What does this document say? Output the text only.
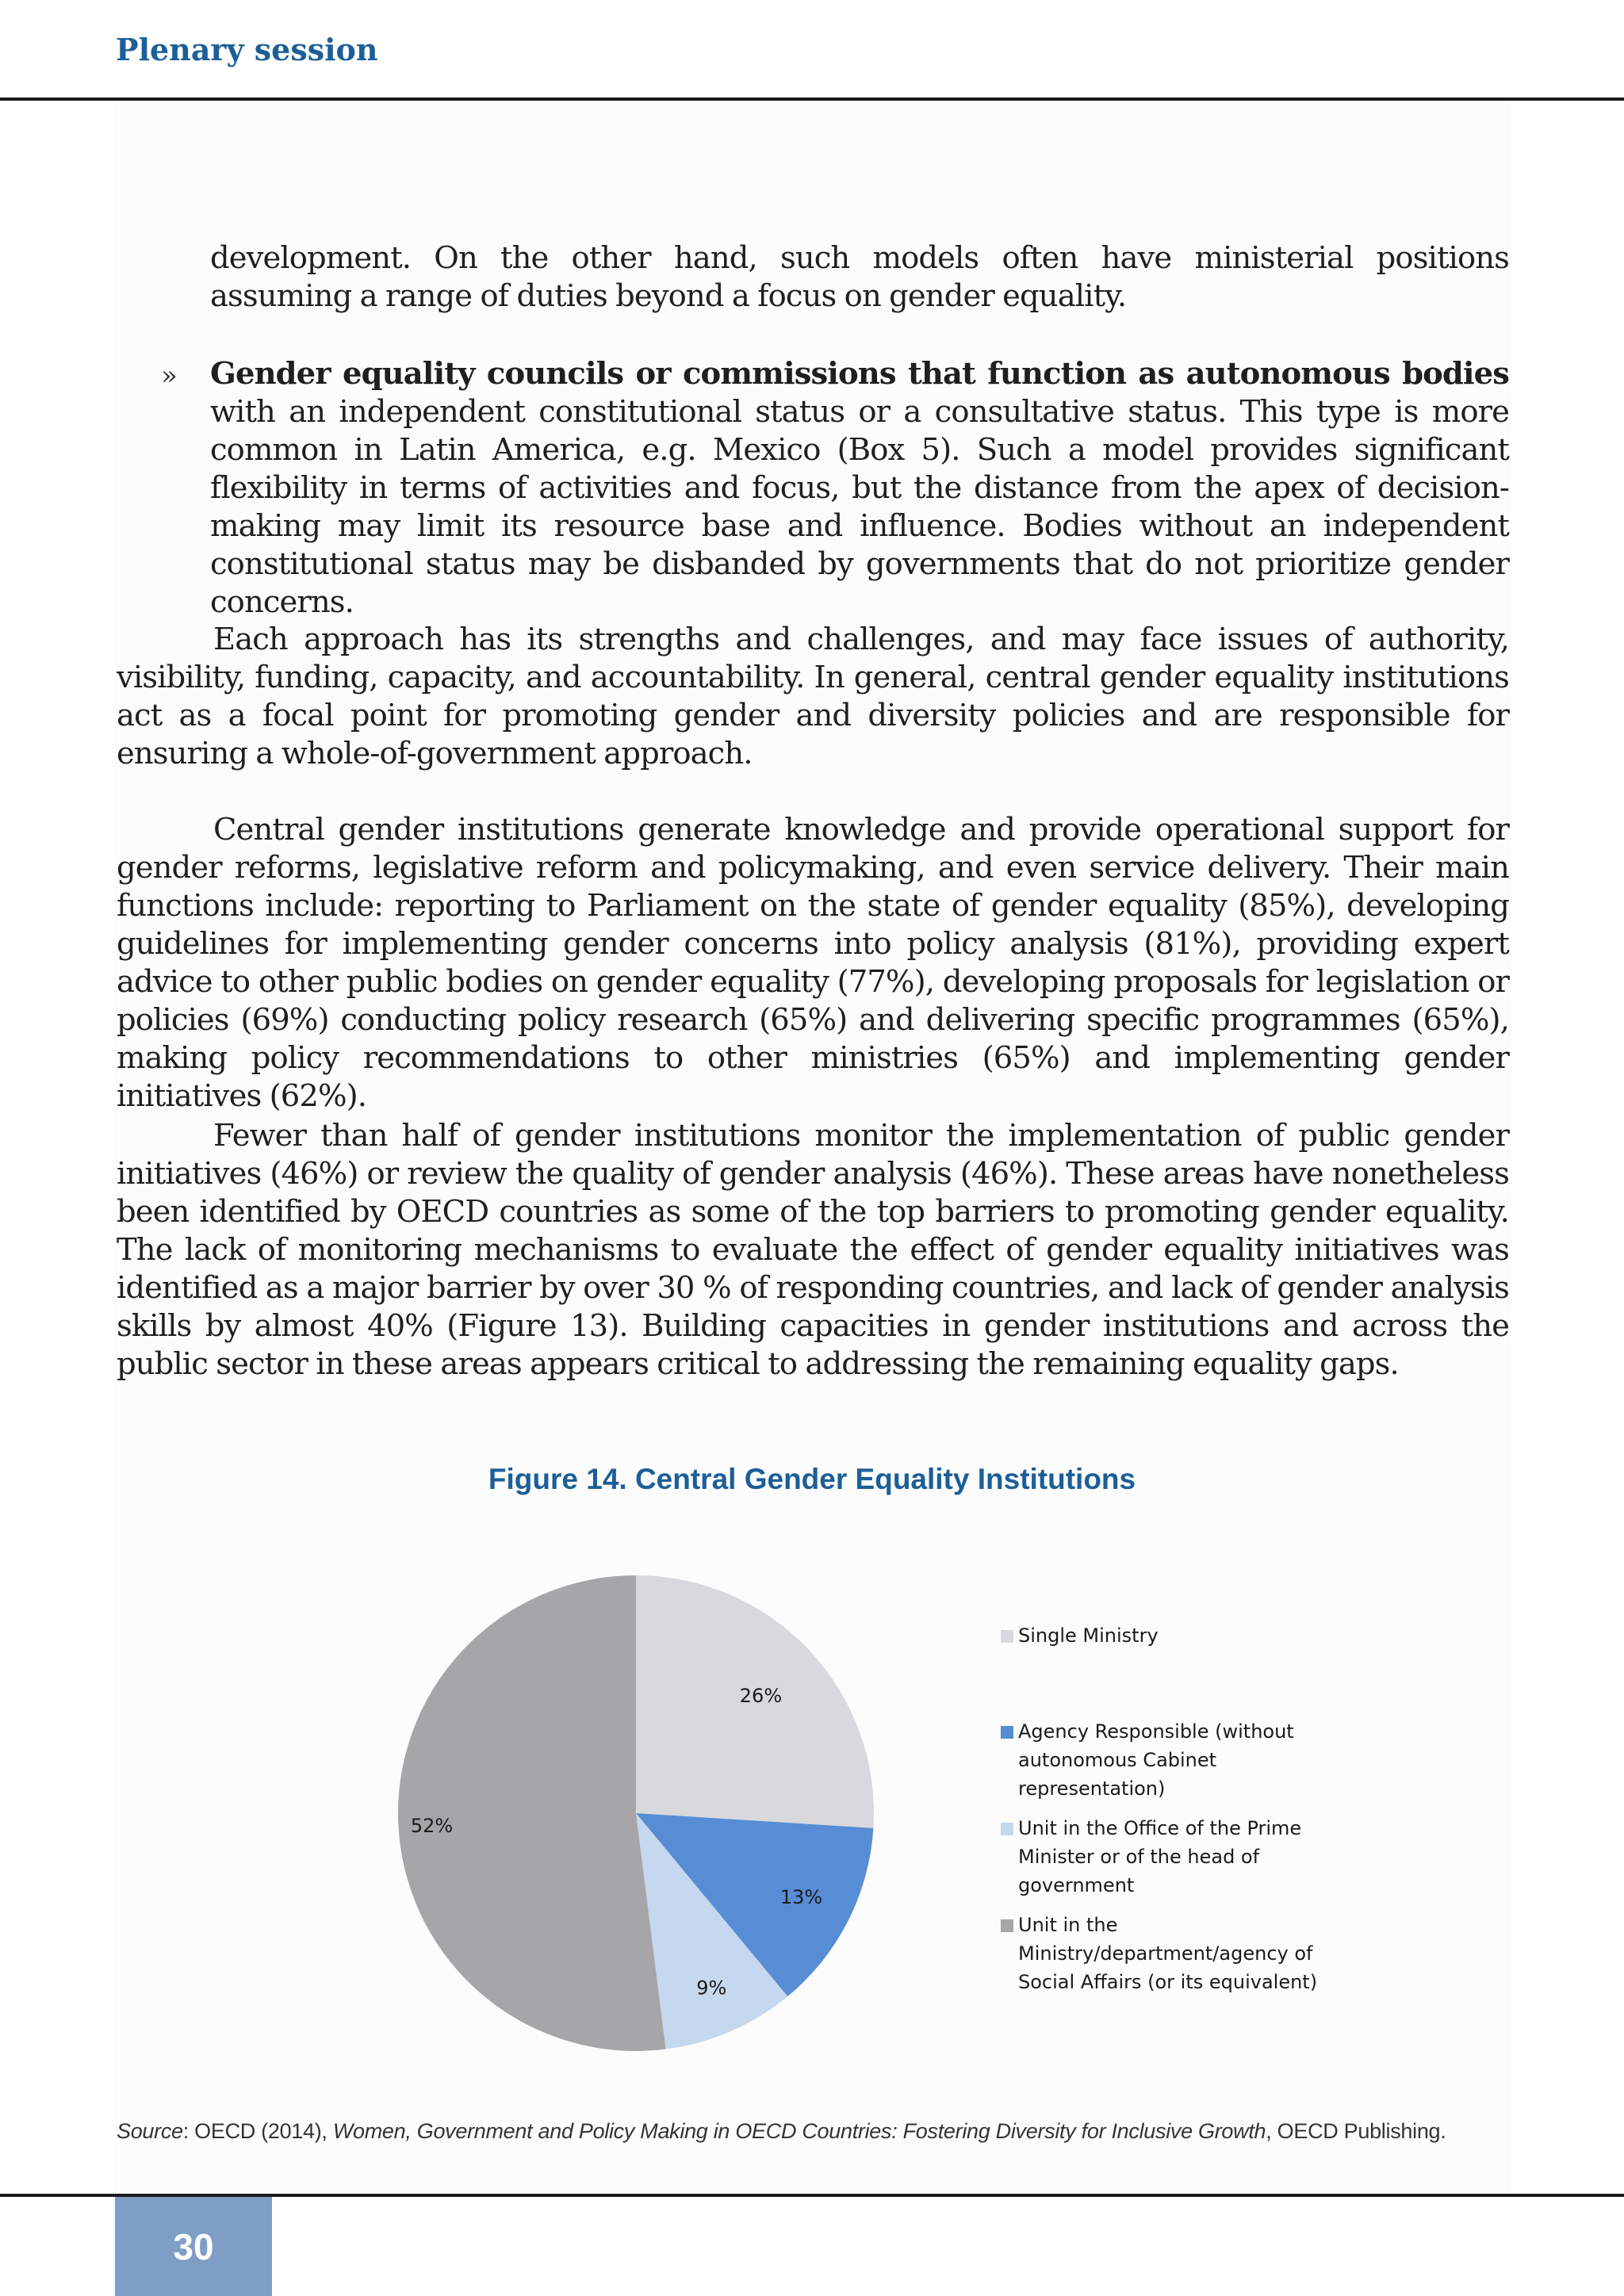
Plenary session
development. On the other hand, such models often have ministerial positions assuming a range of duties beyond a focus on gender equality.
» Gender equality councils or commissions that function as autonomous bodies with an independent constitutional status or a consultative status. This type is more common in Latin America, e.g. Mexico (Box 5). Such a model provides significant flexibility in terms of activities and focus, but the distance from the apex of decision-making may limit its resource base and influence. Bodies without an independent constitutional status may be disbanded by governments that do not prioritize gender concerns.
Each approach has its strengths and challenges, and may face issues of authority, visibility, funding, capacity, and accountability. In general, central gender equality institutions act as a focal point for promoting gender and diversity policies and are responsible for ensuring a whole-of-government approach.
Central gender institutions generate knowledge and provide operational support for gender reforms, legislative reform and policymaking, and even service delivery. Their main functions include: reporting to Parliament on the state of gender equality (85%), developing guidelines for implementing gender concerns into policy analysis (81%), providing expert advice to other public bodies on gender equality (77%), developing proposals for legislation or policies (69%) conducting policy research (65%) and delivering specific programmes (65%), making policy recommendations to other ministries (65%) and implementing gender initiatives (62%).
Fewer than half of gender institutions monitor the implementation of public gender initiatives (46%) or review the quality of gender analysis (46%). These areas have nonetheless been identified by OECD countries as some of the top barriers to promoting gender equality. The lack of monitoring mechanisms to evaluate the effect of gender equality initiatives was identified as a major barrier by over 30 % of responding countries, and lack of gender analysis skills by almost 40% (Figure 13). Building capacities in gender institutions and across the public sector in these areas appears critical to addressing the remaining equality gaps.
Figure 14. Central Gender Equality Institutions
26%
13%
9%
52%
Single Ministry
Agency Responsible (without autonomous Cabinet representation)
Unit in the Office of the Prime Minister or of the head of government
Unit in the Ministry/department/agency of Social Affairs (or its equivalent)
Source: OECD (2014), Women, Government and Policy Making in OECD Countries: Fostering Diversity for Inclusive Growth, OECD Publishing.
30
